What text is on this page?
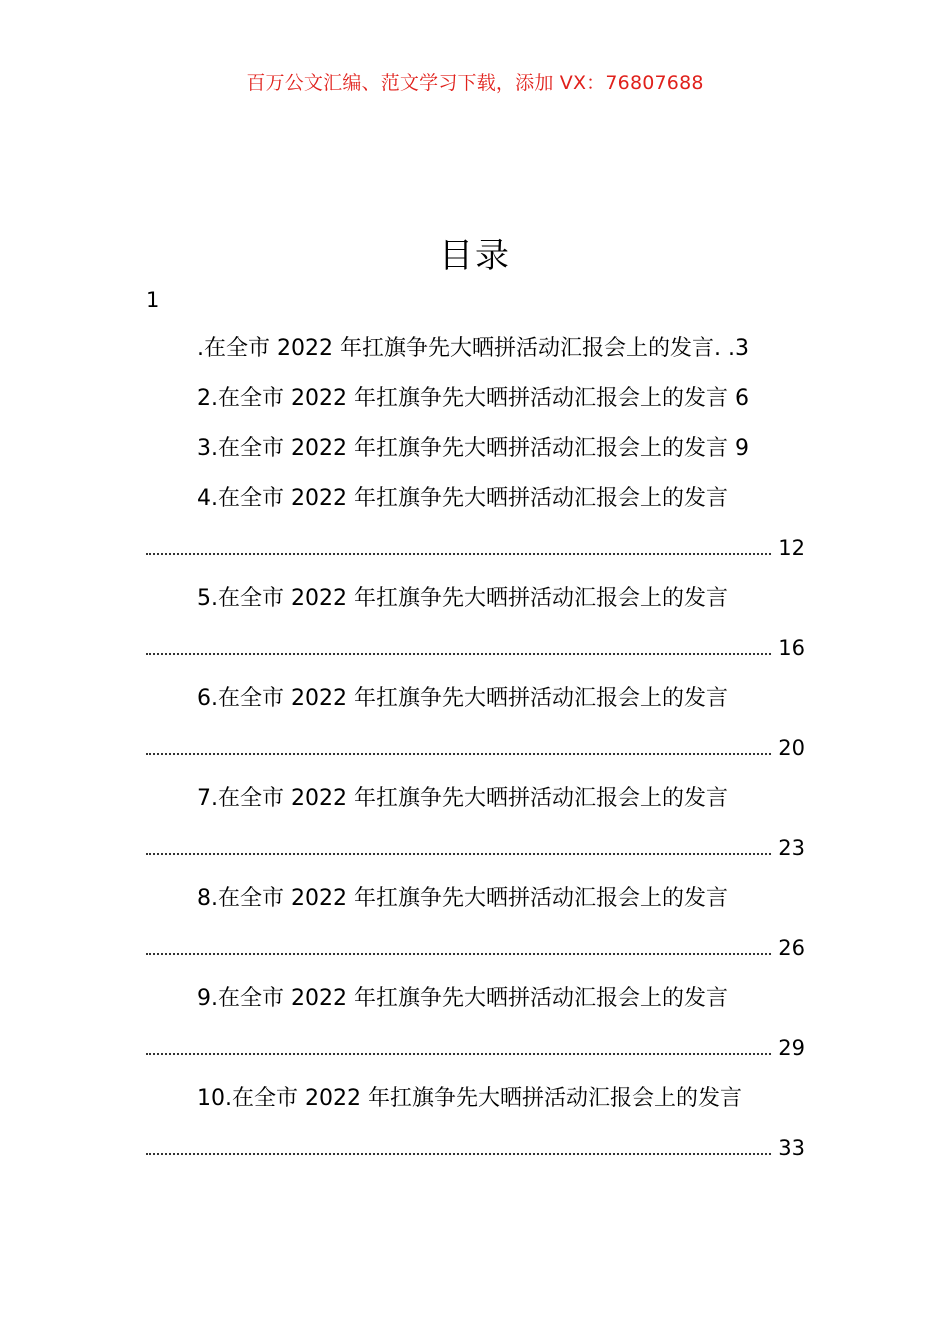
百万公文汇编、范文学习下载，添加 VX：76807688
目录
1
.在全市 2022 年扛旗争先大晒拼活动汇报会上的发言. .3
2.在全市 2022 年扛旗争先大晒拼活动汇报会上的发言 6
3.在全市 2022 年扛旗争先大晒拼活动汇报会上的发言 9
4.在全市 2022 年扛旗争先大晒拼活动汇报会上的发言
12
5.在全市 2022 年扛旗争先大晒拼活动汇报会上的发言
16
6.在全市 2022 年扛旗争先大晒拼活动汇报会上的发言
20
7.在全市 2022 年扛旗争先大晒拼活动汇报会上的发言
23
8.在全市 2022 年扛旗争先大晒拼活动汇报会上的发言
26
9.在全市 2022 年扛旗争先大晒拼活动汇报会上的发言
29
10.在全市 2022 年扛旗争先大晒拼活动汇报会上的发言
33
